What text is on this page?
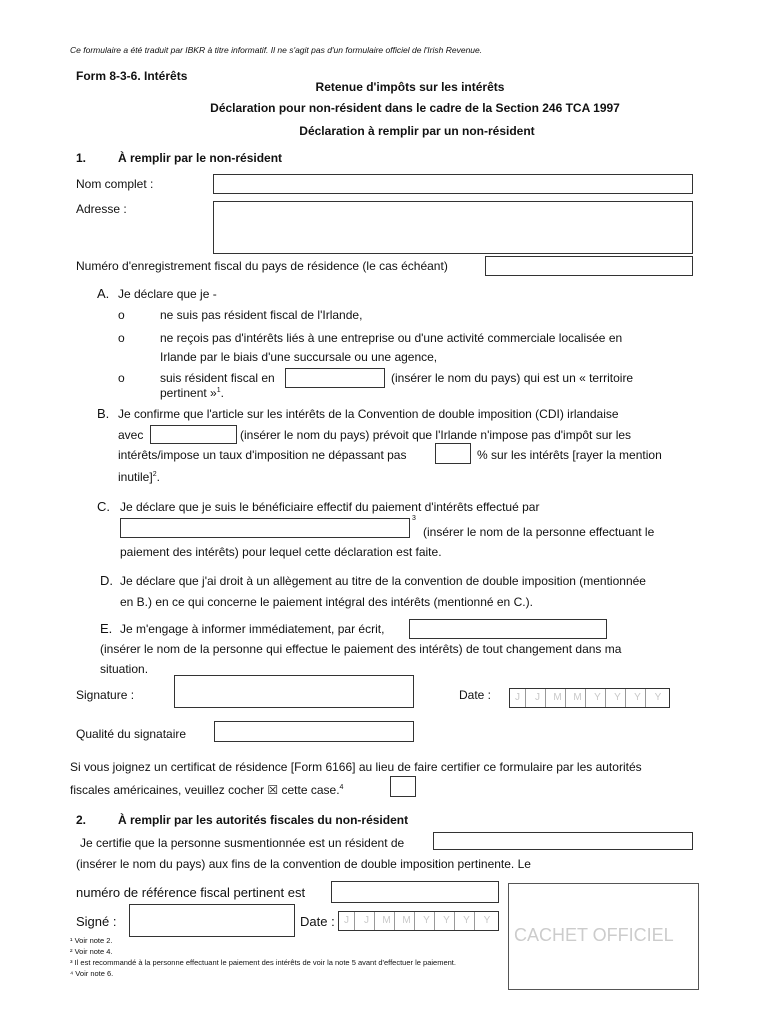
Ce formulaire a été traduit par IBKR à titre informatif. Il ne s'agit pas d'un formulaire officiel de l'Irish Revenue.
Form 8-3-6. Intérêts
Retenue d'impôts sur les intérêts
Déclaration pour non-résident dans le cadre de la Section 246 TCA 1997
Déclaration à remplir par un non-résident
1.	À remplir par le non-résident
Nom complet :
Adresse :
Numéro d'enregistrement fiscal du pays de résidence (le cas échéant)
A. Je déclare que je -
o	ne suis pas résident fiscal de l'Irlande,
o	ne reçois pas d'intérêts liés à une entreprise ou d'une activité commerciale localisée en
Irlande par le biais d'une succursale ou une agence,
o	suis résident fiscal en	(insérer le nom du pays) qui est un « territoire
pertinent »$^1$.
B. Je confirme que l'article sur les intérêts de la Convention de double imposition (CDI) irlandaise
avec	(insérer le nom du pays) prévoit que l'Irlande n'impose pas d'impôt sur les
intérêts/impose un taux d'imposition ne dépassant pas	% sur les intérêts [rayer la mention
inutile]$^2$.
C. Je déclare que je suis le bénéficiaire effectif du paiement d'intérêts effectué par
3
(insérer le nom de la personne effectuant le
paiement des intérêts) pour lequel cette déclaration est faite.
D. Je déclare que j'ai droit à un allègement au titre de la convention de double imposition (mentionnée
en B.) en ce qui concerne le paiement intégral des intérêts (mentionné en C.).
E. Je m'engage à informer immédiatement, par écrit,
(insérer le nom de la personne qui effectue le paiement des intérêts) de tout changement dans ma
situation.
Signature :	Date :	J	J	M	M	Y	Y	Y	Y
Qualité du signataire
Si vous joignez un certificat de résidence [Form 6166] au lieu de faire certifier ce formulaire par les autorités
fiscales américaines, veuillez cocher ☒ cette case.$^4$
2.	À remplir par les autorités fiscales du non-résident
Je certifie que la personne susmentionnée est un résident de
(insérer le nom du pays) aux fins de la convention de double imposition pertinente. Le
numéro de référence fiscal pertinent est
Signé :	Date : J	J	M	M	Y	Y	Y	Y
CACHET OFFICIEL
¹ Voir note 2.
² Voir note 4.
³ Il est recommandé à la personne effectuant le paiement des intérêts de voir la note 5 avant d'effectuer le paiement.
⁴ Voir note 6.
